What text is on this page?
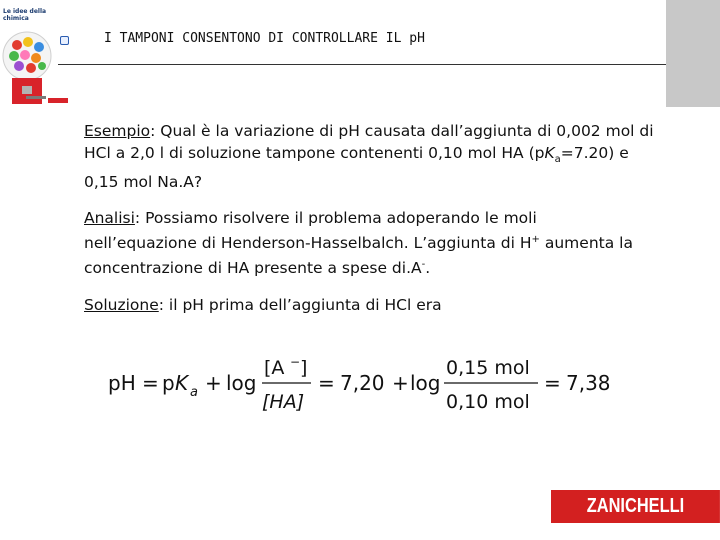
Le idee della chimica
I TAMPONI CONSENTONO DI CONTROLLARE IL pH
Esempio: Qual è la variazione di pH causata dall’aggiunta di 0,002 mol di HCl a 2,0 l di soluzione tampone contenenti 0,10 mol HA $(pK_a=7.20)$ e 0,15 mol Na.A?
Analisi: Possiamo risolvere il problema adoperando le moli nell’equazione di Henderson-Hasselbalch. L’aggiunta di H+ aumenta la concentrazione di HA presente a spese di.A-.
Soluzione: il pH prima dell’aggiunta di HCl era
pH = p K a + log
[A − ]
[HA]
= 7,20 + log
0,15 mol
0,10 mol
= 7,38
ZANICHELLI
